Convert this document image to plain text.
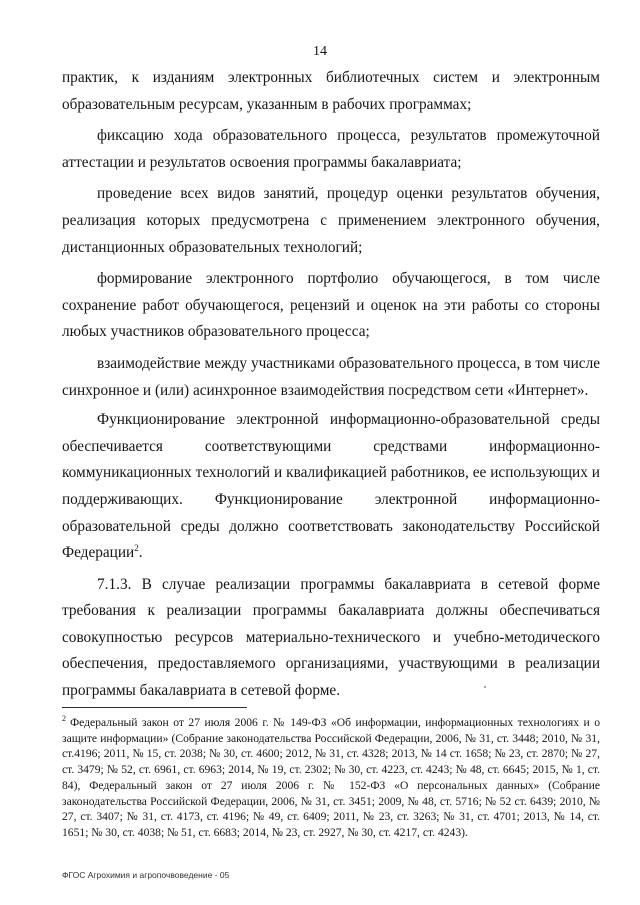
14

практик, к изданиям электронных библиотечных систем и электронным образовательным ресурсам, указанным в рабочих программах;

фиксацию хода образовательного процесса, результатов промежуточной аттестации и результатов освоения программы бакалавриата;

проведение всех видов занятий, процедур оценки результатов обучения, реализация которых предусмотрена с применением электронного обучения, дистанционных образовательных технологий;

формирование электронного портфолио обучающегося, в том числе сохранение работ обучающегося, рецензий и оценок на эти работы со стороны любых участников образовательного процесса;

взаимодействие между участниками образовательного процесса, в том числе синхронное и (или) асинхронное взаимодействия посредством сети «Интернет».

Функционирование электронной информационно-образовательной среды обеспечивается соответствующими средствами информационно-коммуникационных технологий и квалификацией работников, ее использующих и поддерживающих. Функционирование электронной информационно-образовательной среды должно соответствовать законодательству Российской Федерации$^2$.

7.1.3. В случае реализации программы бакалавриата в сетевой форме требования к реализации программы бакалавриата должны обеспечиваться совокупностью ресурсов материально-технического и учебно-методического обеспечения, предоставляемого организациями, участвующими в реализации программы бакалавриата в сетевой форме.

$^2$ Федеральный закон от 27 июля 2006 г. № 149-ФЗ «Об информации, информационных технологиях и о защите информации» (Собрание законодательства Российской Федерации, 2006, № 31, ст. 3448; 2010, № 31, ст.4196; 2011, № 15, ст. 2038; № 30, ст. 4600; 2012, № 31, ст. 4328; 2013, № 14 ст. 1658; № 23, ст. 2870; № 27, ст. 3479; № 52, ст. 6961, ст. 6963; 2014, № 19, ст. 2302; № 30, ст. 4223, ст. 4243; № 48, ст. 6645; 2015, № 1, ст. 84), Федеральный закон от 27 июля 2006 г. № 152-ФЗ «О персональных данных» (Собрание законодательства Российской Федерации, 2006, № 31, ст. 3451; 2009, № 48, ст. 5716; № 52 ст. 6439; 2010, № 27, ст. 3407; № 31, ст. 4173, ст. 4196; № 49, ст. 6409; 2011, № 23, ст. 3263; № 31, ст. 4701; 2013, № 14, ст. 1651; № 30, ст. 4038; № 51, ст. 6683; 2014, № 23, ст. 2927, № 30, ст. 4217, ст. 4243).

ФГОС Агрохимия и агропочвоведение - 05
